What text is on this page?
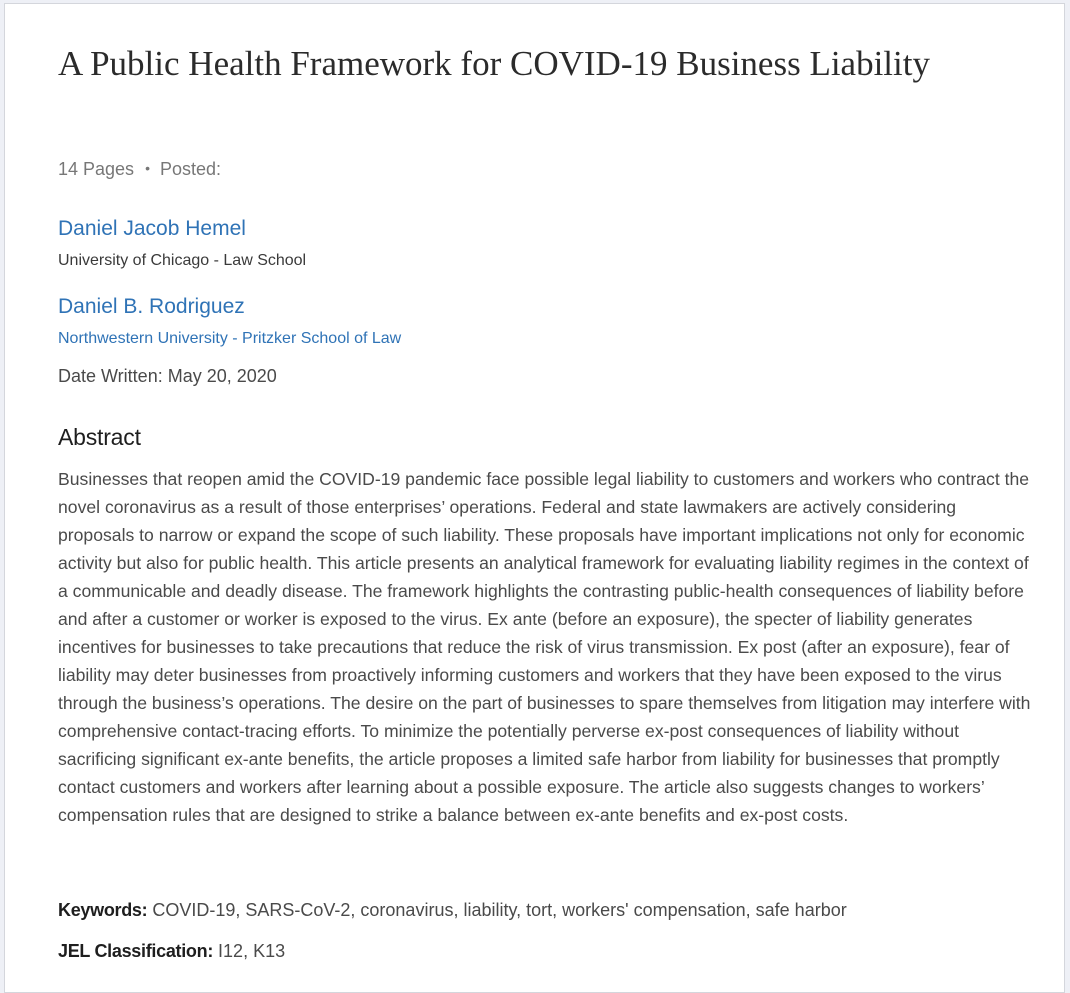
A Public Health Framework for COVID-19 Business Liability
14 Pages • Posted:
Daniel Jacob Hemel
University of Chicago - Law School
Daniel B. Rodriguez
Northwestern University - Pritzker School of Law
Date Written: May 20, 2020
Abstract

Businesses that reopen amid the COVID-19 pandemic face possible legal liability to customers and workers who contract the novel coronavirus as a result of those enterprises’ operations. Federal and state lawmakers are actively considering proposals to narrow or expand the scope of such liability. These proposals have important implications not only for economic activity but also for public health. This article presents an analytical framework for evaluating liability regimes in the context of a communicable and deadly disease. The framework highlights the contrasting public-health consequences of liability before and after a customer or worker is exposed to the virus. Ex ante (before an exposure), the specter of liability generates incentives for businesses to take precautions that reduce the risk of virus transmission. Ex post (after an exposure), fear of liability may deter businesses from proactively informing customers and workers that they have been exposed to the virus through the business’s operations. The desire on the part of businesses to spare themselves from litigation may interfere with comprehensive contact-tracing efforts. To minimize the potentially perverse ex-post consequences of liability without sacrificing significant ex-ante benefits, the article proposes a limited safe harbor from liability for businesses that promptly contact customers and workers after learning about a possible exposure. The article also suggests changes to workers’ compensation rules that are designed to strike a balance between ex-ante benefits and ex-post costs.

Keywords: COVID-19, SARS-CoV-2, coronavirus, liability, tort, workers' compensation, safe harbor
JEL Classification: I12, K13
